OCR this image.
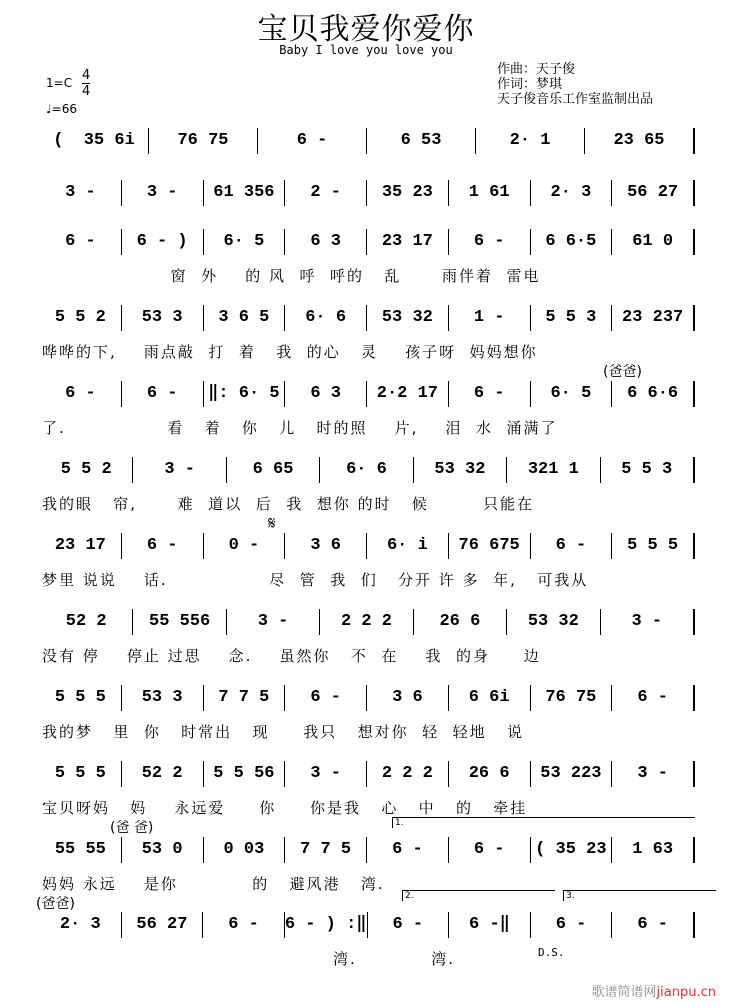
宝贝我爱你爱你
Baby I love you love you
作曲：天子俊
作词：梦琪
天子俊音乐工作室监制出品
1=C 4
4
♩=66
(  35 6i	76 75	6 -	6 53	2· 1	23 65
3 -	3 -	61 356	2 -	35 23	1 61	2· 3	56 27
6 -	6 - )	6· 5	6 3	23 17	6 -	6 6·5	61 0
窗  外    的 风  呼  呼的   乱      雨伴着  雷电
5 5 2	53 3	3 6 5	6· 6	53 32	1 -	5 5 3	23 237
哗哗的下,    雨点敲  打  着   我  的心   灵    孩子呀  妈妈想你
(爸爸)
6 -	6 -	‖: 6· 5	6 3	2·2 17	6 -	6· 5	6 6·6
了.               看   着   你   儿   时的照    片,    泪  水  涌满了
5 5 2	3 -	6 65	6· 6	53 32	321 1	5 5 3
我的眼   帘,      难  道以  后  我  想你 的时   候        只能在
23 17	6 -	0 -	3 6	6· i	76 675	6 -	5 5 5
梦里 说说    话.               尽  管  我  们   分开 许 多  年,   可我从
𝄋
52 2	55 556	3 -	2 2 2	26 6	53 32	3 -
没有 停    停止 过思    念.    虽然你   不  在    我  的身     边
5 5 5	53 3	7 7 5	6 -	3 6	6 6i	76 75	6 -
我的梦   里  你   时常出   现     我只   想对你  轻  轻地   说
5 5 5	52 2	5 5 56	3 -	2 2 2	26 6	53 223	3 -
宝贝呀妈   妈    永远爱     你     你是我   心   中   的   牵挂
(爸 爸)
55 55	53 0	0 03	7 7 5	6 -	6 -	( 35 23	1 63
妈妈 永远    是你           的   避风港   湾.
(爸爸)
1.
2· 3	56 27	6 -	6 - ) :‖	6 -	6 -‖	6 -	6 -
湾.           湾.
2.	3.
D.S.
歌谱简谱网jianpu.cn
